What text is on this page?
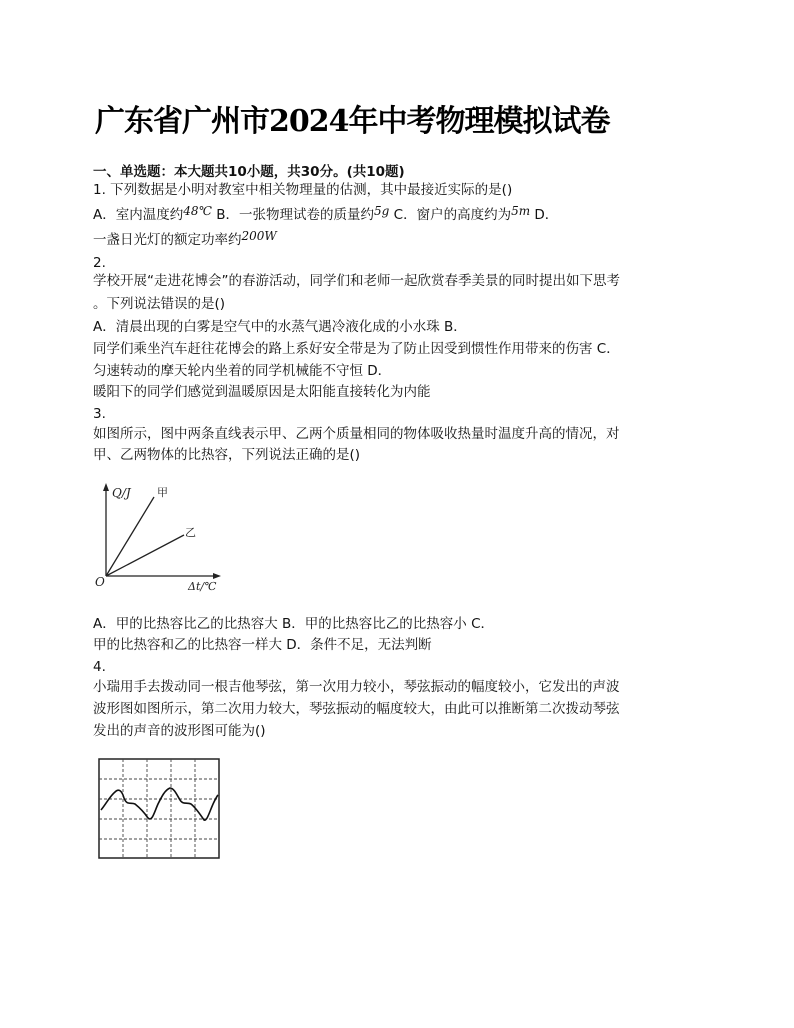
广东省广州市2024年中考物理模拟试卷
一、单选题：本大题共10小题，共30分。(共10题)
1. 下列数据是小明对教室中相关物理量的估测，其中最接近实际的是()
A．室内温度约48℃ B．一张物理试卷的质量约5g C．窗户的高度约为5m D．
一盏日光灯的额定功率约200W
2.
学校开展“走进花博会”的春游活动，同学们和老师一起欣赏春季美景的同时提出如下思考
。下列说法错误的是()
A．清晨出现的白雾是空气中的水蒸气遇冷液化成的小水珠 B．
同学们乘坐汽车赶往花博会的路上系好安全带是为了防止因受到惯性作用带来的伤害 C．
匀速转动的摩天轮内坐着的同学机械能不守恒 D．
暖阳下的同学们感觉到温暖原因是太阳能直接转化为内能
3.
如图所示，图中两条直线表示甲、乙两个质量相同的物体吸收热量时温度升高的情况，对
甲、乙两物体的比热容，下列说法正确的是()
Q/J 甲
乙
O	Δt/℃
A．甲的比热容比乙的比热容大 B．甲的比热容比乙的比热容小 C．
甲的比热容和乙的比热容一样大 D．条件不足，无法判断
4.
小瑞用手去拨动同一根吉他琴弦，第一次用力较小，琴弦振动的幅度较小，它发出的声波
波形图如图所示，第二次用力较大，琴弦振动的幅度较大，由此可以推断第二次拨动琴弦
发出的声音的波形图可能为()
